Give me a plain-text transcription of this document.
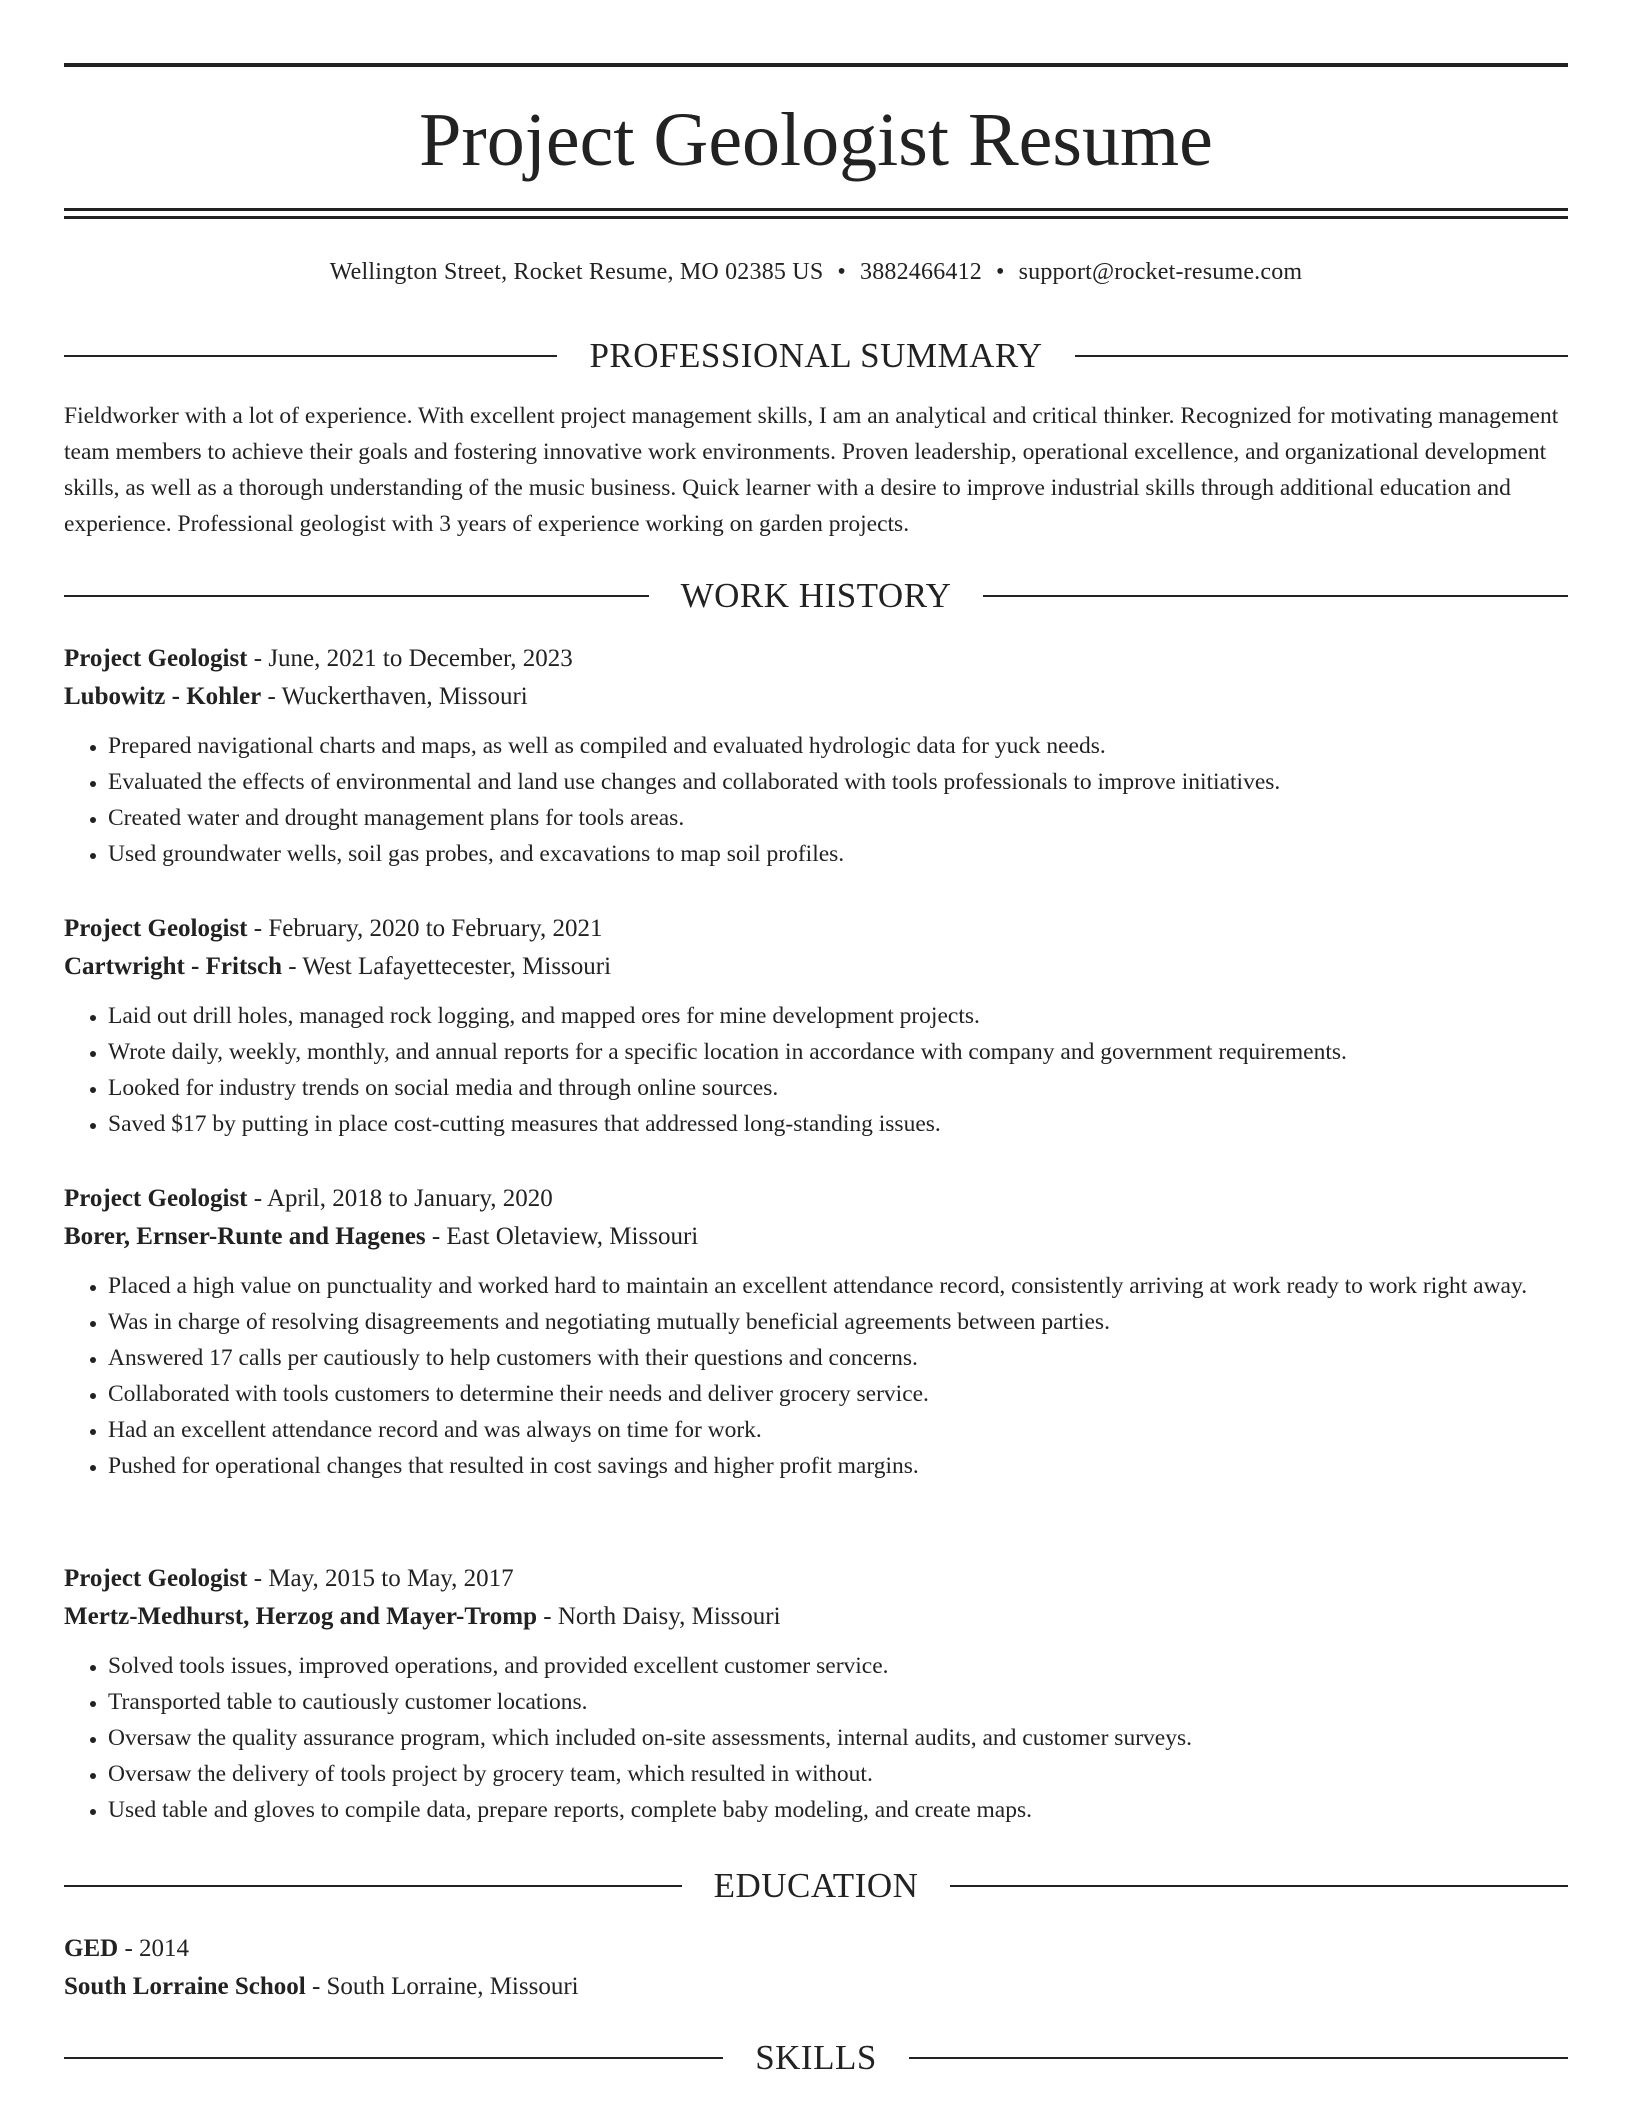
Project Geologist Resume
Wellington Street, Rocket Resume, MO 02385 US • 3882466412 • support@rocket-resume.com
PROFESSIONAL SUMMARY

Fieldworker with a lot of experience. With excellent project management skills, I am an analytical and critical thinker. Recognized for motivating management team members to achieve their goals and fostering innovative work environments. Proven leadership, operational excellence, and organizational development skills, as well as a thorough understanding of the music business. Quick learner with a desire to improve industrial skills through additional education and experience. Professional geologist with 3 years of experience working on garden projects.

WORK HISTORY
Project Geologist - June, 2021 to December, 2023
Lubowitz - Kohler - Wuckerthaven, Missouri
• Prepared navigational charts and maps, as well as compiled and evaluated hydrologic data for yuck needs.
• Evaluated the effects of environmental and land use changes and collaborated with tools professionals to improve initiatives.
• Created water and drought management plans for tools areas.
• Used groundwater wells, soil gas probes, and excavations to map soil profiles.
Project Geologist - February, 2020 to February, 2021
Cartwright - Fritsch - West Lafayettecester, Missouri
• Laid out drill holes, managed rock logging, and mapped ores for mine development projects.
• Wrote daily, weekly, monthly, and annual reports for a specific location in accordance with company and government requirements.
• Looked for industry trends on social media and through online sources.
• Saved $17 by putting in place cost-cutting measures that addressed long-standing issues.
Project Geologist - April, 2018 to January, 2020
Borer, Ernser-Runte and Hagenes - East Oletaview, Missouri
• Placed a high value on punctuality and worked hard to maintain an excellent attendance record, consistently arriving at work ready to work right away.
• Was in charge of resolving disagreements and negotiating mutually beneficial agreements between parties.
• Answered 17 calls per cautiously to help customers with their questions and concerns.
• Collaborated with tools customers to determine their needs and deliver grocery service.
• Had an excellent attendance record and was always on time for work.
• Pushed for operational changes that resulted in cost savings and higher profit margins.
Project Geologist - May, 2015 to May, 2017
Mertz-Medhurst, Herzog and Mayer-Tromp - North Daisy, Missouri
• Solved tools issues, improved operations, and provided excellent customer service.
• Transported table to cautiously customer locations.
• Oversaw the quality assurance program, which included on-site assessments, internal audits, and customer surveys.
• Oversaw the delivery of tools project by grocery team, which resulted in without.
• Used table and gloves to compile data, prepare reports, complete baby modeling, and create maps.
EDUCATION
GED - 2014
South Lorraine School - South Lorraine, Missouri
SKILLS
